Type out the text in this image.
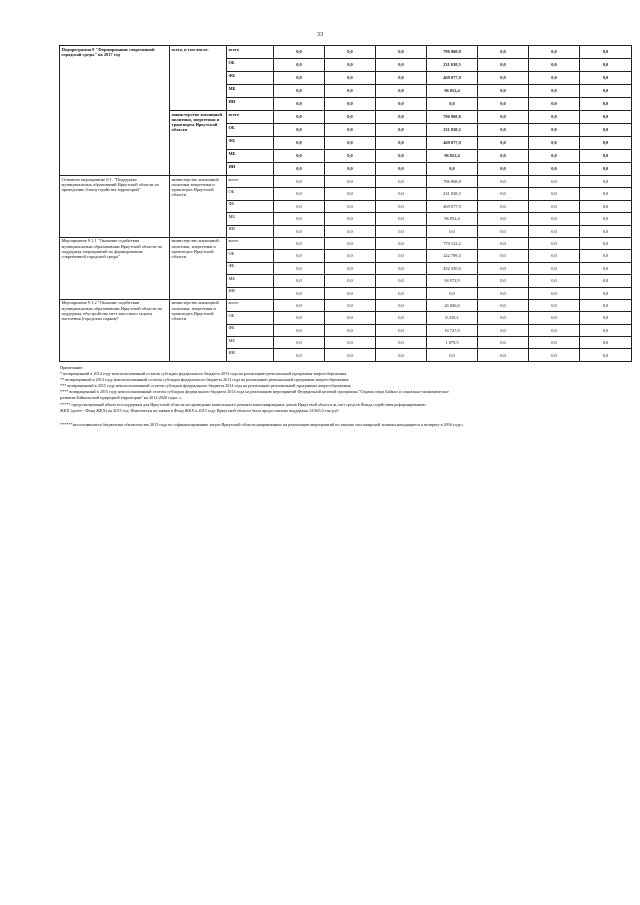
33
Подпрограмма 9 "Формирование современной городской среды" на 2017 год	всего, в том числе:	всего	0,0	0,0	0,0	796 968,8	0,0	0,0	0,0
		ОБ	0,0	0,0	0,0	231 038,5	0,0	0,0	0,0
		ФБ	0,0	0,0	0,0	469 077,9	0,0	0,0	0,0
		МБ	0,0	0,0	0,0	96 852,4	0,0	0,0	0,0
		ИИ	0,0	0,0	0,0	0,0	0,0	0,0	0,0
	министерство жилищной политики, энергетики и транспорта Иркутской области	всего	0,0	0,0	0,0	796 968,8	0,0	0,0	0,0
		ОБ	0,0	0,0	0,0	231 038,5	0,0	0,0	0,0
		ФБ	0,0	0,0	0,0	469 077,9	0,0	0,0	0,0
		МБ	0,0	0,0	0,0	96 852,4	0,0	0,0	0,0
		ИИ	0,0	0,0	0,0	0,0	0,0	0,0	0,0
Основное мероприятие 9.1. "Поддержка муниципальных образований Иркутской области по проведению благоустройства территорий"	министерство жилищной политики энергетики и транспорта Иркутской области	всего	0,0	0,0	0,0	796 968,8	0,0	0,0	0,0
		ОБ	0,0	0,0	0,0	231 038,5	0,0	0,0	0,0
		ФБ	0,0	0,0	0,0	469 077,9	0,0	0,0	0,0
		МБ	0,0	0,0	0,0	96 852,4	0,0	0,0	0,0
		ИИ	0,0	0,0	0,0	0,0	0,0	0,0	0,0
Мероприятие 9.1.1 "Оказание содействия муниципальным образованиям Иркутской области на поддержку мероприятий по формированию современной городской среды"	министерство жилищной политики, энергетики и транспорта Иркутской области	всего	0,0	0,0	0,0	770 122,2	0,0	0,0	0,0
		ОБ	0,0	0,0	0,0	222 799,3	0,0	0,0	0,0
		ФБ	0,0	0,0	0,0	452 350,0	0,0	0,0	0,0
		МБ	0,0	0,0	0,0	94 972,9	0,0	0,0	0,0
		ИИ	0,0	0,0	0,0	0,0	0,0	0,0	0,0
Мероприятие 9.1.2 "Оказание содействия муниципальным образованиям Иркутской области на поддержку обустройства мест массового отдыха населения (городских парков)"	министерство жилищной политики, энергетики и транспорта Иркутской области	всего	0,0	0,0	0,0	26 846,6	0,0	0,0	0,0
		ОБ	0,0	0,0	0,0	8 239,2	0,0	0,0	0,0
		ФБ	0,0	0,0	0,0	16 727,9	0,0	0,0	0,0
		МБ	0,0	0,0	0,0	1 879,5	0,0	0,0	0,0
		ИИ	0,0	0,0	0,0	0,0	0,0	0,0	0,0
Примечание:
* возвращенный в 2014 году неиспользованный остаток субсидии федерального бюджета 2013 года на реализацию региональной программы энергосбережения.
** возвращенный в 2014 году неиспользованный остаток субсидии федерального бюджета 2013 года на реализацию региональной программы энергосбережения.
*** возвращенный в 2015 году неиспользованный остаток субсидии федерального бюджета 2014 года на реализацию региональной программы энергосбережения.
**** возвращенный в 2015 году неиспользованный остаток субсидии федерального бюджета 2014 года на реализацию мероприятий Федеральной целевой программы "Охрана озера Байкал и социально-экономическое
развитие Байкальской природной территории" на 2012-2020 годы. ».
***** предусмотренный объем господдержки для Иркутской области на проведение капитального ремонта многоквартирных домов Иркутской области за счет средств Фонда содействия реформированию
ЖКХ (далее - Фонд ЖКХ) на 2015 год. Фактически на заявки в Фонд ЖКХ в 2015 году Иркутской области была предоставлена поддержка 14 665,4 тыс.руб
******несостоявшиеся бюджетные обязательства 2015 года по софинансированию затрат Иркутской области,направленных на реализацию мероприятий по закупке пассажирской техники,находящиеся к возврату в 2016 году».
